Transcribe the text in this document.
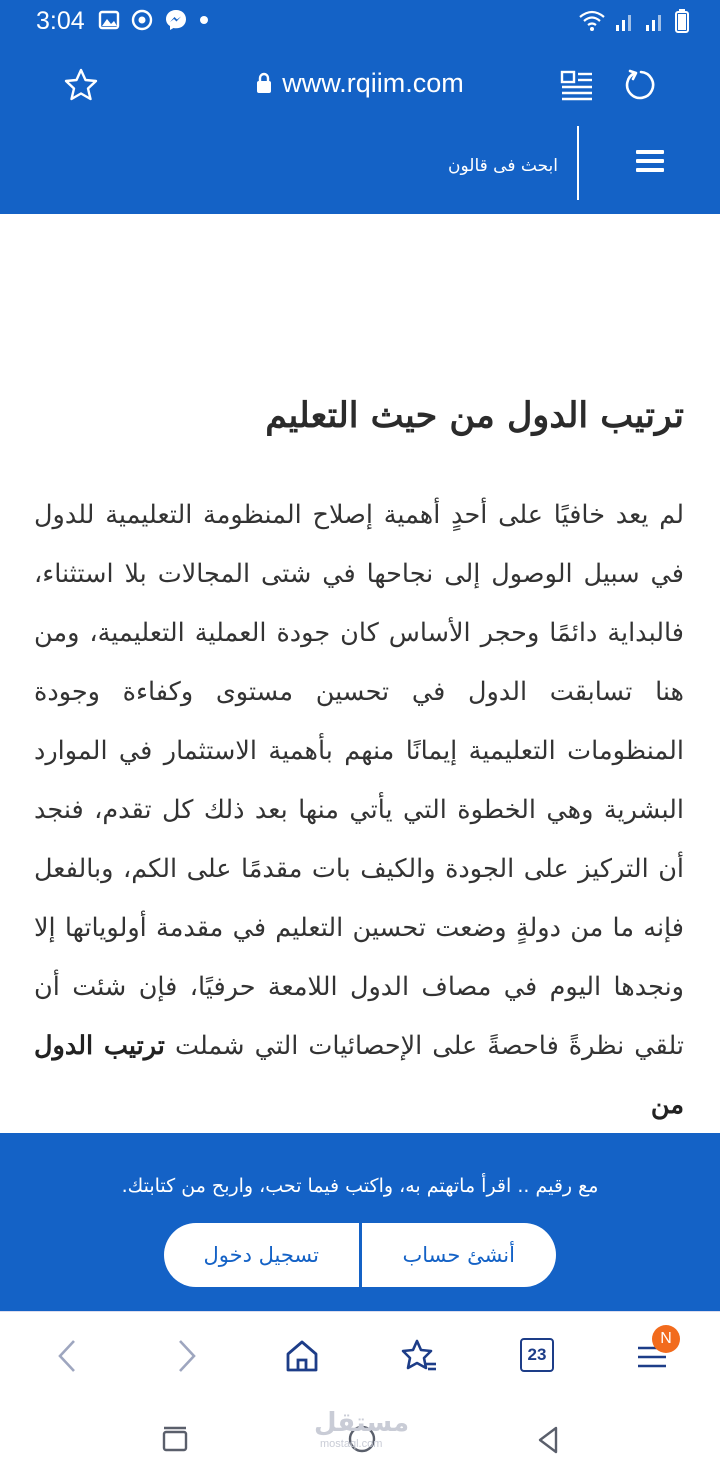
3:04
www.rqiim.com
ابحث فى قالون
ترتيب الدول من حيث التعليم
لم يعد خافيًا على أحدٍ أهمية إصلاح المنظومة التعليمية للدول في سبيل الوصول إلى نجاحها في شتى المجالات بلا استثناء، فالبداية دائمًا وحجر الأساس كان جودة العملية التعليمية، ومن هنا تسابقت الدول في تحسين مستوى وكفاءة وجودة المنظومات التعليمية إيمانًا منهم بأهمية الاستثمار في الموارد البشرية وهي الخطوة التي يأتي منها بعد ذلك كل تقدم، فنجد أن التركيز على الجودة والكيف بات مقدمًا على الكم، وبالفعل فإنه ما من دولةٍ وضعت تحسين التعليم في مقدمة أولوياتها إلا ونجدها اليوم في مصاف الدول اللامعة حرفيًا، فإن شئت أن تلقي نظرةً فاحصةً على الإحصائيات التي شملت ترتيب الدول من
مع رقيم .. اقرأ ماتهتم به، واكتب فيما تحب، واربح من كتابتك.
تسجيل دخول	أنشئ حساب
23
N
مستقل
mostaql.com
